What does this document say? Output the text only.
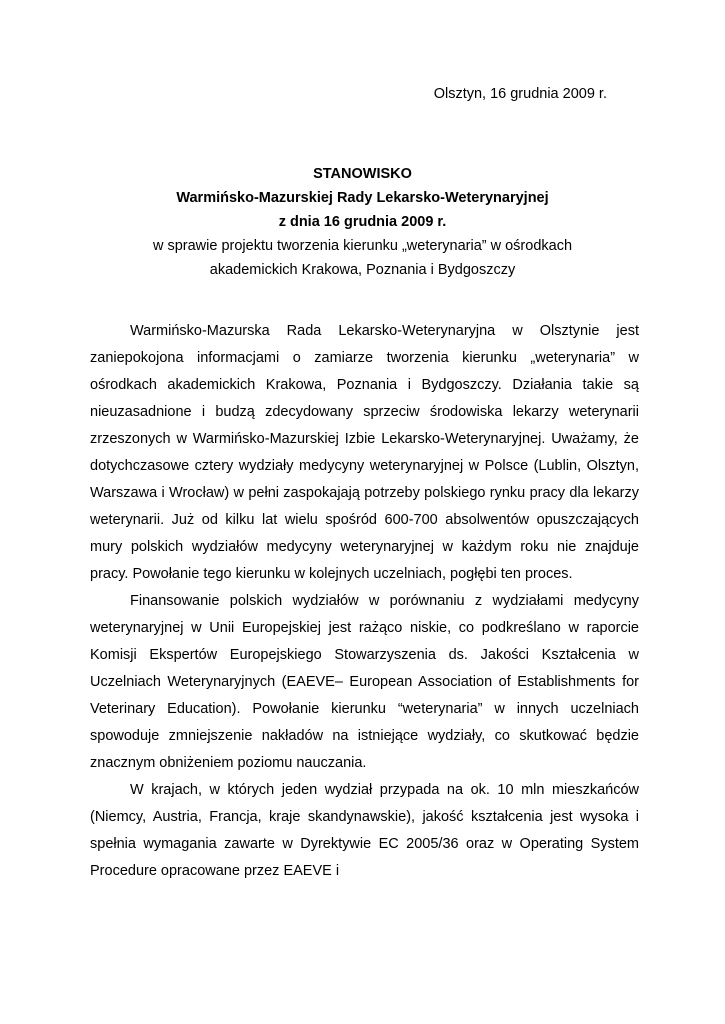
Olsztyn, 16 grudnia 2009 r.
STANOWISKO
Warmińsko-Mazurskiej Rady Lekarsko-Weterynaryjnej
z dnia 16 grudnia 2009 r.
w sprawie projektu tworzenia kierunku „weterynaria” w ośrodkach
akademickich Krakowa, Poznania i Bydgoszczy

Warmińsko-Mazurska Rada Lekarsko-Weterynaryjna w Olsztynie jest zaniepokojona informacjami o zamiarze tworzenia kierunku „weterynaria” w ośrodkach akademickich Krakowa, Poznania i Bydgoszczy. Działania takie są nieuzasadnione i budzą zdecydowany sprzeciw środowiska lekarzy weterynarii zrzeszonych w Warmińsko-Mazurskiej Izbie Lekarsko-Weterynaryjnej. Uważamy, że dotychczasowe cztery wydziały medycyny weterynaryjnej w Polsce (Lublin, Olsztyn, Warszawa i Wrocław) w pełni zaspokajają potrzeby polskiego rynku pracy dla lekarzy weterynarii. Już od kilku lat wielu spośród 600-700 absolwentów opuszczających mury polskich wydziałów medycyny weterynaryjnej w każdym roku nie znajduje pracy. Powołanie tego kierunku w kolejnych uczelniach, pogłębi ten proces.

Finansowanie polskich wydziałów w porównaniu z wydziałami medycyny weterynaryjnej w Unii Europejskiej jest rażąco niskie, co podkreślano w raporcie Komisji Ekspertów Europejskiego Stowarzyszenia ds. Jakości Kształcenia w Uczelniach Weterynaryjnych (EAEVE– European Association of Establishments for Veterinary Education). Powołanie kierunku “weterynaria” w innych uczelniach spowoduje zmniejszenie nakładów na istniejące wydziały, co skutkować będzie znacznym obniżeniem poziomu nauczania.

W krajach, w których jeden wydział przypada na ok. 10 mln mieszkańców (Niemcy, Austria, Francja, kraje skandynawskie), jakość kształcenia jest wysoka i spełnia wymagania zawarte w Dyrektywie EC 2005/36 oraz w Operating System Procedure opracowane przez EAEVE i
